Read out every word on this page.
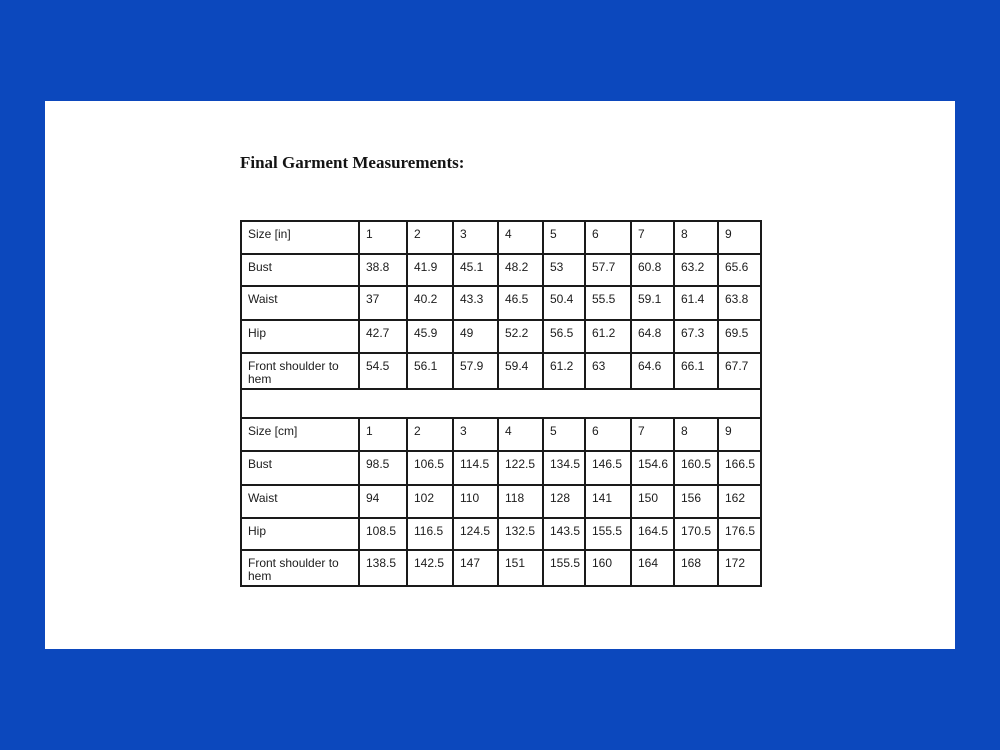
Final Garment Measurements:
Size [in]	1	2	3	4	5	6	7	8	9
Bust	38.8	41.9	45.1	48.2	53	57.7	60.8	63.2	65.6
Waist	37	40.2	43.3	46.5	50.4	55.5	59.1	61.4	63.8
Hip	42.7	45.9	49	52.2	56.5	61.2	64.8	67.3	69.5
Front shoulder to hem	54.5	56.1	57.9	59.4	61.2	63	64.6	66.1	67.7

Size [cm]	1	2	3	4	5	6	7	8	9
Bust	98.5	106.5	114.5	122.5	134.5	146.5	154.6	160.5	166.5
Waist	94	102	110	118	128	141	150	156	162
Hip	108.5	116.5	124.5	132.5	143.5	155.5	164.5	170.5	176.5
Front shoulder to hem	138.5	142.5	147	151	155.5	160	164	168	172
